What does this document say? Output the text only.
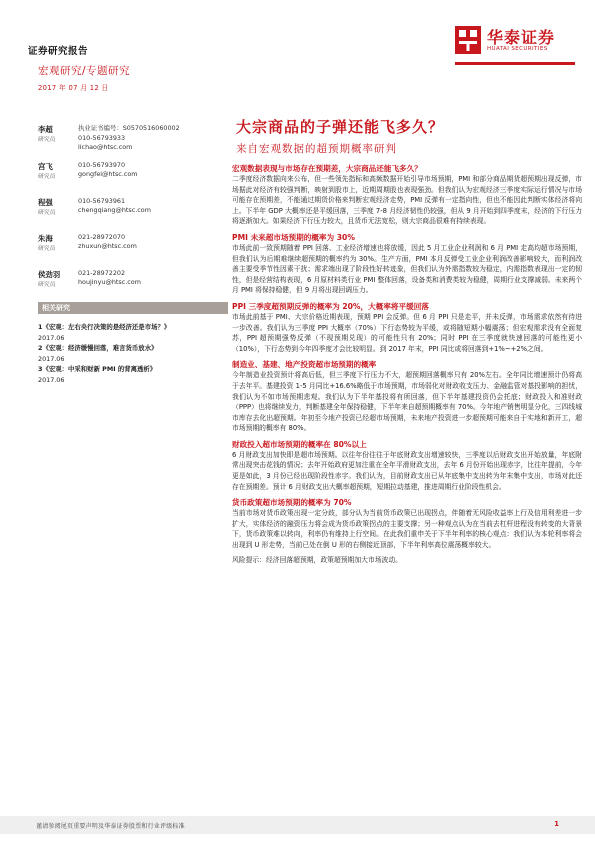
证券研究报告
华泰证券
HUATAI SECURITIES
宏观研究/专题研究
2017 年 07 月 12 日
李超
研究员
执业证书编号：S0570516060002
010-56793933
lichao@htsc.com
宫飞
研究员
010-56793970
gongfei@htsc.com
程强
研究员
010-56793961
chengqiang@htsc.com
朱海
研究员
021-28972070
zhuxun@htsc.com
侯劲羽
研究员
021-28972202
houjinyu@htsc.com
相关研究
1《宏观：左右央行决策的是经济还是市场？》
2017.06
2《宏观：经济缓慢回落，难言货币放水》
2017.06
3《宏观：中采和财新 PMI 的背离透析》
2017.06
大宗商品的子弹还能飞多久？
来自宏观数据的超预期概率研判
宏观数据表现与市场存在预期差，大宗商品还能飞多久？
二季度经济数据向来公布，但一些领先指标和高频数据开始引导市场预期，PMI 和部分商品期货超预期出现反弹，市场据此对经济有较强判断，映射到股市上，近期周期股也表现强劲。但我们认为宏观经济三季度实际运行情况与市场可能存在预期差，不能通过期货价格来判断宏观经济走势，PMI 反弹有一定指向性，但也不能因此判断实体经济将向上。下半年 GDP 大概率还是平缓回落，三季度 7-8 月经济韧性仍较强，但从 9 月开始到四季度末，经济的下行压力将逐渐加大。如果经济下行压力较大，且货币无法宽松，则大宗商品很难有持续表现。
PMI 未来超市场预期的概率为 30%
市场此前一致预期随着 PPI 回落、工业经济增速也将放缓，因此 5 月工业企业利润和 6 月 PMI 走高均超市场预期，但我们认为后期难继续超预期的概率约为 30%。生产方面，PMI 本月反弹受工业企业利润改善影响较大，而利润改善主要受季节性因素干扰；需求端出现了阶段性好转迹象，但我们认为外需指数较为稳定，内需指数表现出一定的韧性，但是经营结构表现，6 月原材料类行业 PMI 整体回落，设备类和消费类较为稳健，周期行业支撑减弱。未来两个月 PMI 将保持稳健，但 9 月将出现回调压力。
PPI 三季度超预期反弹的概率为 20%，大概率将平缓回落
市场此前基于 PMI、大宗价格近期表现，预期 PPI 会反弹。但 6 月 PPI 只是走平，并未反弹，市场需求依然有待进一步改善。我们认为三季度 PPI 大概率（70%）下行态势较为平缓，或将随短期小幅震荡；但宏观需求没有全面复苏，PPI 超预期强势反弹（不现预期兑现）的可能性只有 20%；同时 PPI 在三季度就快速回落的可能性更小（10%），下行态势到今年四季度才会比较明显。到 2017 年末，PPI 同比或将回落到+1%~+2%之间。
制造业、基建、地产投资超市场预期的概率
今年制造业投资预计将高后低，但三季度下行压力不大，超预期回落概率只有 20%左右。全年同比增速预计仍将高于去年平。基建投资 1-5 月同比+16.6%略低于市场预期，市场弱化对财政收支压力、金融监管对基投影响的担忧，我们认为不如市场预期悲观。我们认为下半年基投将有所回落，但下半年基建投资仍会托底；财政投入和准财政（PPP）也将继续发力，判断基建全年保持稳健，下半年来自超预期概率有 70%。今年地产销售明显分化，三四线城市库存去化出超预期。年初至今地产投资已经超市场预期，未来地产投资进一步超预期可能来自于实地和新开工，超市场预期的概率有 80%。
财政投入超市场预期的概率在 80%以上
6 月财政支出加快即是超市场预期。以往年份往往于年底财政支出增速较快，三季度以后财政支出开始放量，年底附常出现突击花钱的情况；去年开始政府更加注重在全年平滑财政支出，去年 6 月份开始出现赤字，比往年提前，今年更是如此，3 月份已经出现阶段性赤字。我们认为，目前财政支出已从年底集中支出转为年末集中支出，市场对此还存在预期差。预计 6 月财政支出大概率超预期，短期拉动基建，推进周期行业阶段性机会。
货币政策超市场预期的概率为 70%
当前市场对货币政策出现一定分歧，部分认为当前货币政策已出现拐点，伴随着无风险收益率上行及信用利差进一步扩大，实体经济的融资压力将会成为货币政策拐点的主要支撑；另一种观点认为在当前去杠杆进程没有转变的大背景下，货币政策难以转向，利率仍有维持上行空间。在此我们重申关于下半年利率的核心观点：我们认为本轮利率将会出现到 U 形走势，当前已处在倒 U 形的右侧接近顶部，下半年利率高位震荡概率较大。
风险提示：经济回落超预期，政策超预期加大市场波动。
谨请参阅尾页重要声明及华泰证券股票和行业评级标准	1
